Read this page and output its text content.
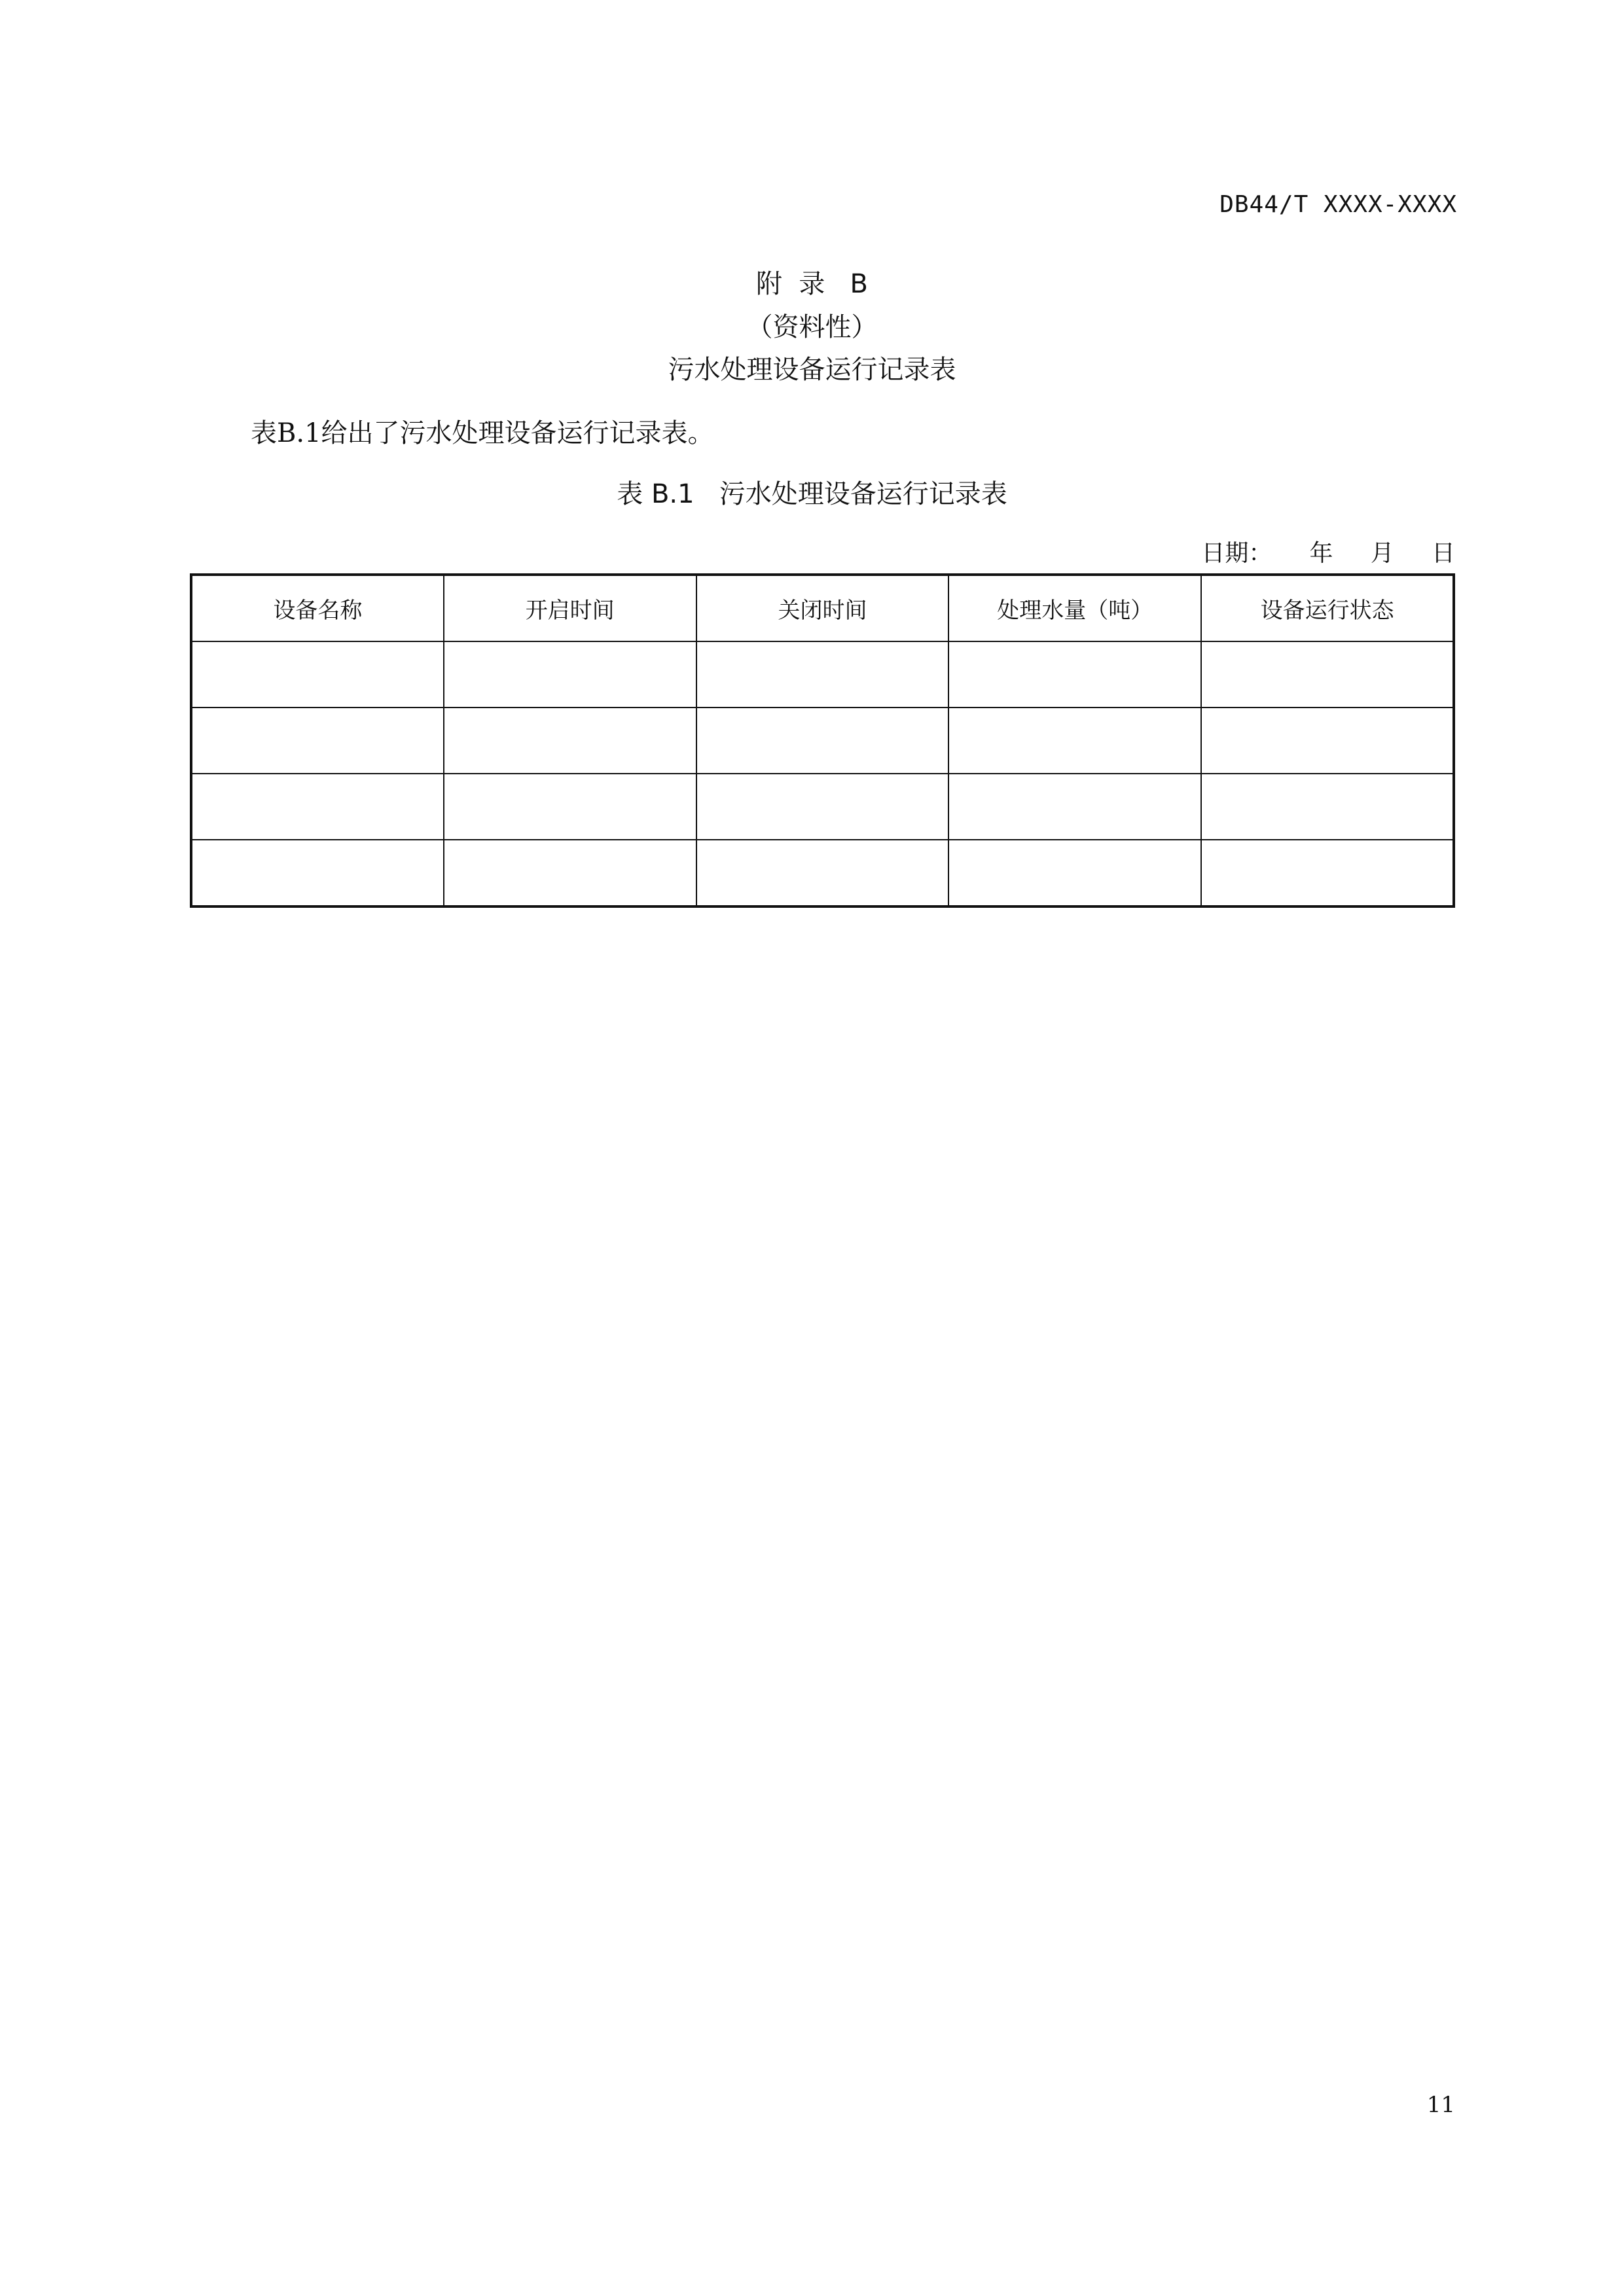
DB44/T XXXX-XXXX
附  录   B
（资料性）
污水处理设备运行记录表
表B.1给出了污水处理设备运行记录表。
表 B.1   污水处理设备运行记录表
日期：     年     月     日
设备名称	开启时间	关闭时间	处理水量（吨）	设备运行状态

11
